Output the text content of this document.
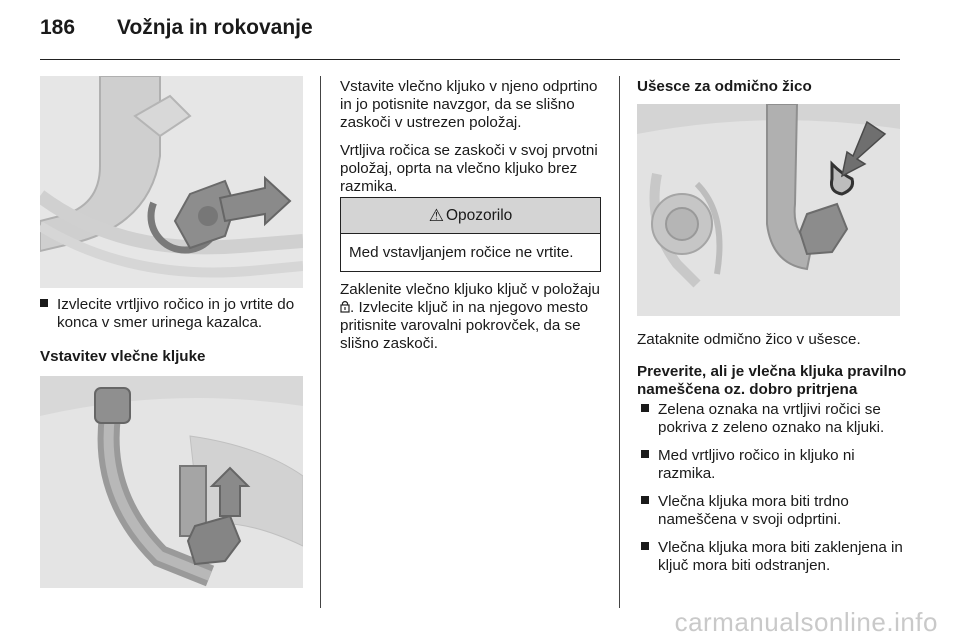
186 Vožnja in rokovanje
Izvlecite vrtljivo ročico in jo vrtite do konca v smer urinega kazalca.
Vstavitev vlečne kljuke

Vstavite vlečno kljuko v njeno odprtino in jo potisnite navzgor, da se slišno zaskoči v ustrezen položaj.

Vrtljiva ročica se zaskoči v svoj prvotni položaj, oprta na vlečno kljuko brez razmika.

⚠ Opozorilo
Med vstavljanjem ročice ne vrtite.

Zaklenite vlečno kljuko ključ v položaju . Izvlecite ključ in na njegovo mesto pritisnite varovalni pokrovček, da se slišno zaskoči.

Ušesce za odmično žico

Zataknite odmično žico v ušesce.

Preverite, ali je vlečna kljuka pravilno nameščena oz. dobro pritrjena
Zelena oznaka na vrtljivi ročici se pokriva z zeleno oznako na kljuki.
Med vrtljivo ročico in kljuko ni razmika.
Vlečna kljuka mora biti trdno nameščena v svoji odprtini.
Vlečna kljuka mora biti zaklenjena in ključ mora biti odstranjen.
carmanualsonline.info
